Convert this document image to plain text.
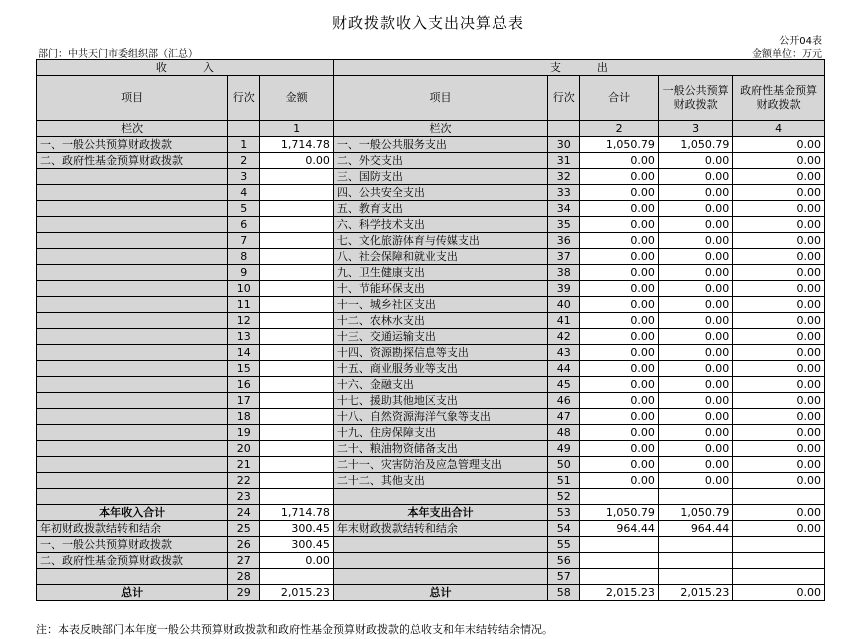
财政拨款收入支出决算总表
公开04表
部门：中共天门市委组织部（汇总）	金额单位：万元
收入			支出				
项目	行次	金额	项目	行次	合计	一般公共预算财政拨款	政府性基金预算财政拨款
栏次		1	栏次		2	3	4
一、一般公共预算财政拨款	1	1,714.78	一、一般公共服务支出	30	1,050.79	1,050.79	0.00
二、政府性基金预算财政拨款	2	0.00	二、外交支出	31	0.00	0.00	0.00
	3		三、国防支出	32	0.00	0.00	0.00
	4		四、公共安全支出	33	0.00	0.00	0.00
	5		五、教育支出	34	0.00	0.00	0.00
	6		六、科学技术支出	35	0.00	0.00	0.00
	7		七、文化旅游体育与传媒支出	36	0.00	0.00	0.00
	8		八、社会保障和就业支出	37	0.00	0.00	0.00
	9		九、卫生健康支出	38	0.00	0.00	0.00
	10		十、节能环保支出	39	0.00	0.00	0.00
	11		十一、城乡社区支出	40	0.00	0.00	0.00
	12		十二、农林水支出	41	0.00	0.00	0.00
	13		十三、交通运输支出	42	0.00	0.00	0.00
	14		十四、资源勘探信息等支出	43	0.00	0.00	0.00
	15		十五、商业服务业等支出	44	0.00	0.00	0.00
	16		十六、金融支出	45	0.00	0.00	0.00
	17		十七、援助其他地区支出	46	0.00	0.00	0.00
	18		十八、自然资源海洋气象等支出	47	0.00	0.00	0.00
	19		十九、住房保障支出	48	0.00	0.00	0.00
	20		二十、粮油物资储备支出	49	0.00	0.00	0.00
	21		二十一、灾害防治及应急管理支出	50	0.00	0.00	0.00
	22		二十二、其他支出	51	0.00	0.00	0.00
	23			52			
本年收入合计	24	1,714.78	本年支出合计	53	1,050.79	1,050.79	0.00
年初财政拨款结转和结余	25	300.45	年末财政拨款结转和结余	54	964.44	964.44	0.00
一、一般公共预算财政拨款	26	300.45		55			
二、政府性基金预算财政拨款	27	0.00		56			
	28			57			
总计	29	2,015.23	总计	58	2,015.23	2,015.23	0.00
注：本表反映部门本年度一般公共预算财政拨款和政府性基金预算财政拨款的总收支和年末结转结余情况。
